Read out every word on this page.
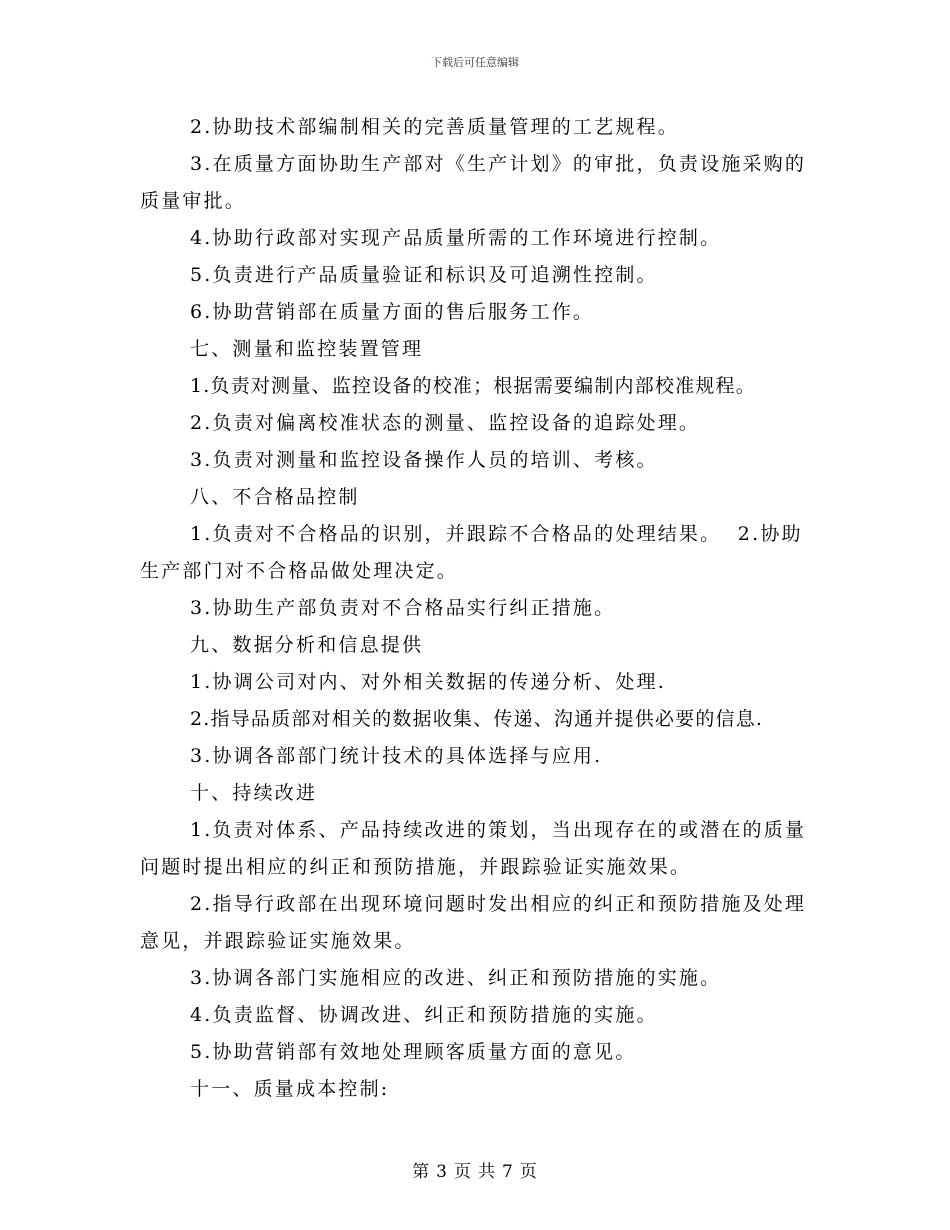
下载后可任意编辑

2.协助技术部编制相关的完善质量管理的工艺规程。

3.在质量方面协助生产部对《生产计划》的审批，负责设施采购的质量审批。

4.协助行政部对实现产品质量所需的工作环境进行控制。

5.负责进行产品质量验证和标识及可追溯性控制。

6.协助营销部在质量方面的售后服务工作。

七、测量和监控装置管理

1.负责对测量、监控设备的校准；根据需要编制内部校准规程。

2.负责对偏离校准状态的测量、监控设备的追踪处理。

3.负责对测量和监控设备操作人员的培训、考核。

八、不合格品控制

1.负责对不合格品的识别，并跟踪不合格品的处理结果。  2.协助生产部门对不合格品做处理决定。

3.协助生产部负责对不合格品实行纠正措施。

九、数据分析和信息提供

1.协调公司对内、对外相关数据的传递分析、处理.

2.指导品质部对相关的数据收集、传递、沟通并提供必要的信息.

3.协调各部部门统计技术的具体选择与应用.

十、持续改进

1.负责对体系、产品持续改进的策划，当出现存在的或潜在的质量问题时提出相应的纠正和预防措施，并跟踪验证实施效果。

2.指导行政部在出现环境问题时发出相应的纠正和预防措施及处理意见，并跟踪验证实施效果。

3.协调各部门实施相应的改进、纠正和预防措施的实施。

4.负责监督、协调改进、纠正和预防措施的实施。

5.协助营销部有效地处理顾客质量方面的意见。

十一、质量成本控制:

第 3 页 共 7 页
